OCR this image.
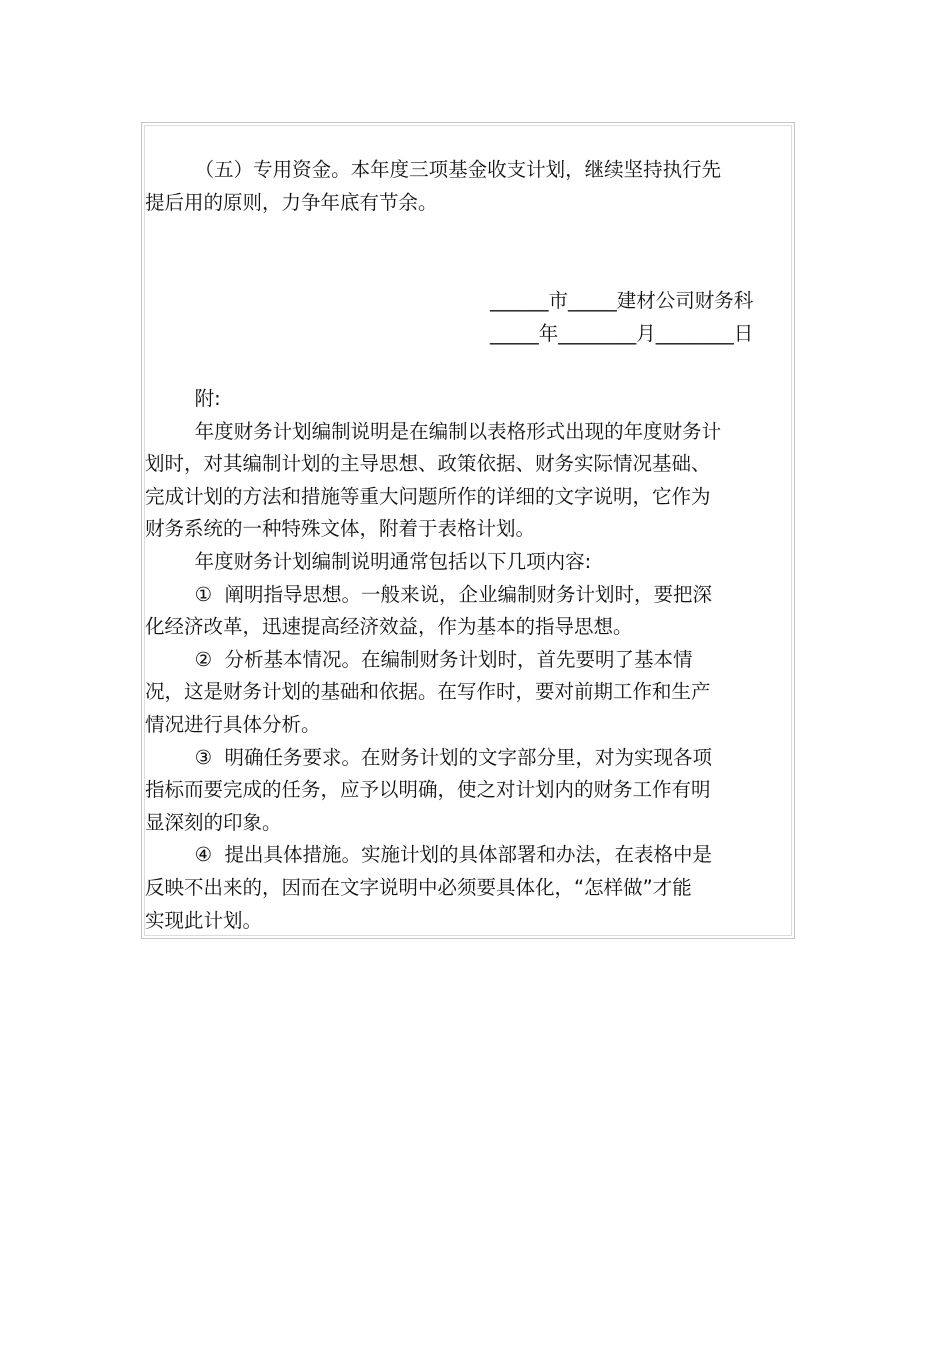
（五）专用资金。本年度三项基金收支计划，继续坚持执行先
提后用的原则，力争年底有节余。
______市_____建材公司财务科
_____年________月________日
附:
年度财务计划编制说明是在编制以表格形式出现的年度财务计
划时，对其编制计划的主导思想、政策依据、财务实际情况基础、
完成计划的方法和措施等重大问题所作的详细的文字说明，它作为
财务系统的一种特殊文体，附着于表格计划。
年度财务计划编制说明通常包括以下几项内容:
①  阐明指导思想。一般来说，企业编制财务计划时，要把深
化经济改革，迅速提高经济效益，作为基本的指导思想。
②  分析基本情况。在编制财务计划时，首先要明了基本情
况，这是财务计划的基础和依据。在写作时，要对前期工作和生产
情况进行具体分析。
③  明确任务要求。在财务计划的文字部分里，对为实现各项
指标而要完成的任务，应予以明确，使之对计划内的财务工作有明
显深刻的印象。
④  提出具体措施。实施计划的具体部署和办法，在表格中是
反映不出来的，因而在文字说明中必须要具体化，“怎样做”才能
实现此计划。
